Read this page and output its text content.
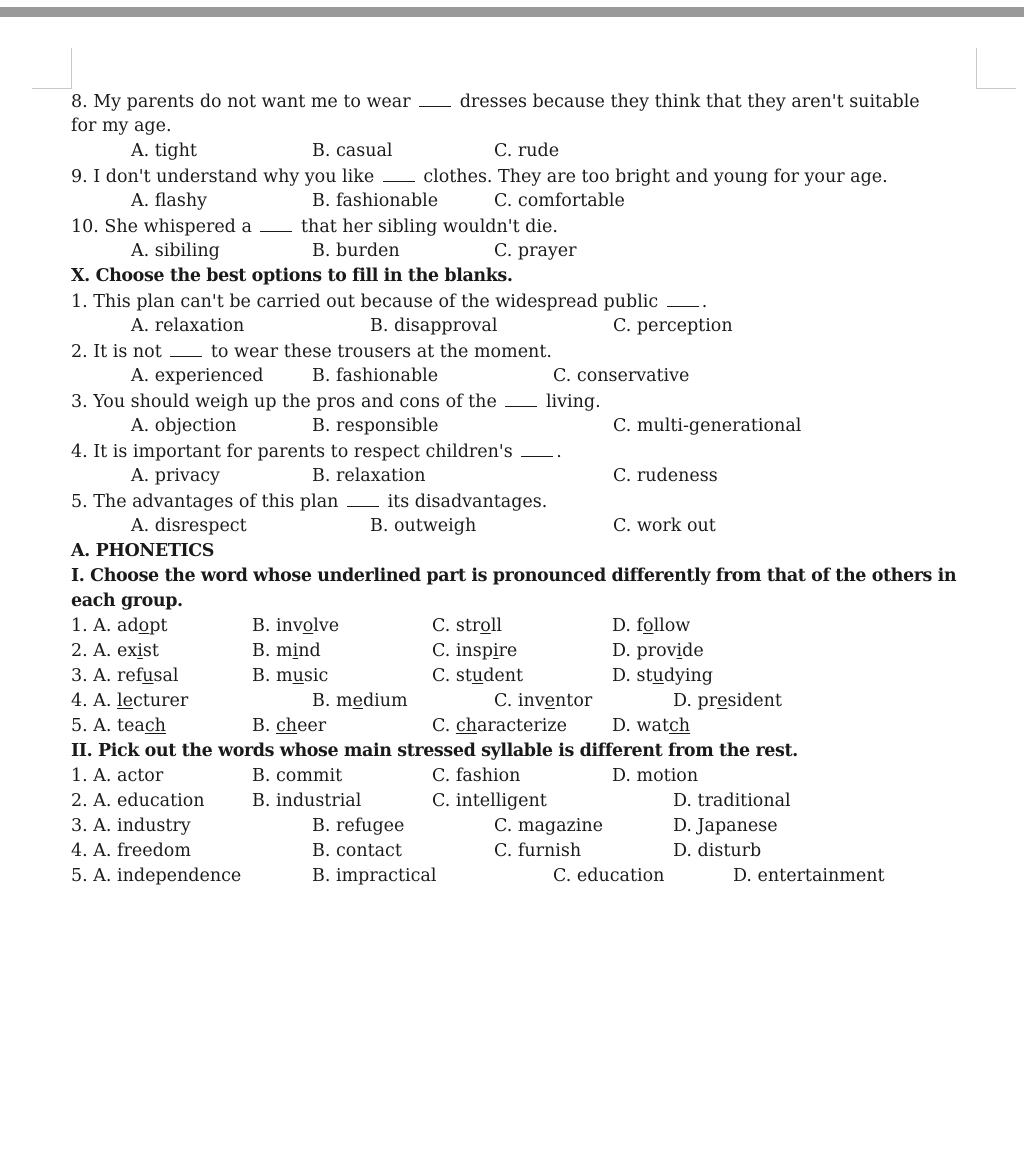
8. My parents do not want me to wear  dresses because they think that they aren't suitable
for my age.
A. tight	B. casual	C. rude
9. I don't understand why you like  clothes. They are too bright and young for your age.
A. flashy	B. fashionable	C. comfortable
10. She whispered a  that her sibling wouldn't die.
A. sibiling	B. burden	C. prayer
X. Choose the best options to fill in the blanks.
1. This plan can't be carried out because of the widespread public .
A. relaxation	B. disapproval	C. perception
2. It is not  to wear these trousers at the moment.
A. experienced	B. fashionable	C. conservative
3. You should weigh up the pros and cons of the  living.
A. objection	B. responsible	C. multi-generational
4. It is important for parents to respect children's .
A. privacy	B. relaxation	C. rudeness
5. The advantages of this plan  its disadvantages.
A. disrespect	B. outweigh	C. work out
A. PHONETICS
I. Choose the word whose underlined part is pronounced differently from that of the others in each group.
1. A. adopt	B. involve	C. stroll	D. follow
2. A. exist	B. mind	C. inspire	D. provide
3. A. refusal	B. music	C. student	D. studying
4. A. lecturer	B. medium	C. inventor	D. president
5. A. teach	B. cheer	C. characterize	D. watch
II. Pick out the words whose main stressed syllable is different from the rest.
1. A. actor	B. commit	C. fashion	D. motion
2. A. education	B. industrial	C. intelligent	D. traditional
3. A. industry	B. refugee	C. magazine	D. Japanese
4. A. freedom	B. contact	C. furnish	D. disturb
5. A. independence	B. impractical	C. education	D. entertainment
